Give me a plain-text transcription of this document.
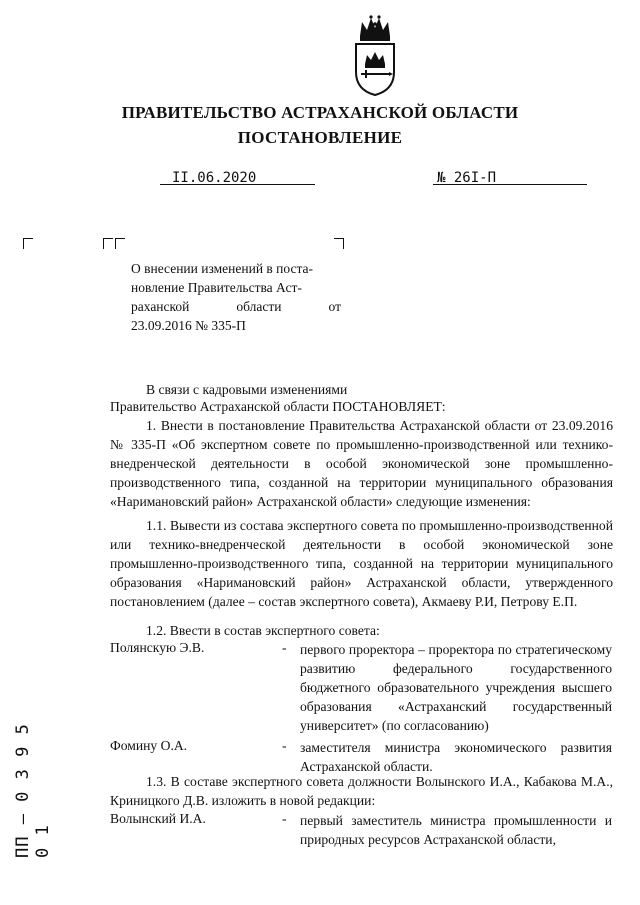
ПРАВИТЕЛЬСТВО АСТРАХАНСКОЙ ОБЛАСТИ
ПОСТАНОВЛЕНИЕ
II.06.2020	№ 26I-П
О внесении изменений в поста-
новление Правительства Аст-
раханской области от
23.09.2016 № 335-П
В связи с кадровыми изменениями
Правительство Астраханской области ПОСТАНОВЛЯЕТ:
1. Внести в постановление Правительства Астраханской области от 23.09.2016 № 335-П «Об экспертном совете по промышленно-производственной или технико-внедренческой деятельности в особой экономической зоне промышленно-производственного типа, созданной на территории муниципального образования «Наримановский район» Астраханской области» следующие изменения:
1.1. Вывести из состава экспертного совета по промышленно-производственной или технико-внедренческой деятельности в особой экономической зоне промышленно-производственного типа, созданной на территории муниципального образования «Наримановский район» Астраханской области, утвержденного постановлением (далее – состав экспертного совета), Акмаеву Р.И, Петрову Е.П.
1.2. Ввести в состав экспертного совета:
Полянскую Э.В.	- первого проректора – проректора по стратегическому развитию федерального государственного бюджетного образовательного учреждения высшего образования «Астраханский государственный университет» (по согласованию)
Фомину О.А.	- заместителя министра экономического развития Астраханской области.
1.3. В составе экспертного совета должности Волынского И.А., Кабакова М.А., Криницкого Д.В. изложить в новой редакции:
Волынский И.А.	- первый заместитель министра промышленности и природных ресурсов Астраханской области,
ПП – 0 3 9 5 0 1
